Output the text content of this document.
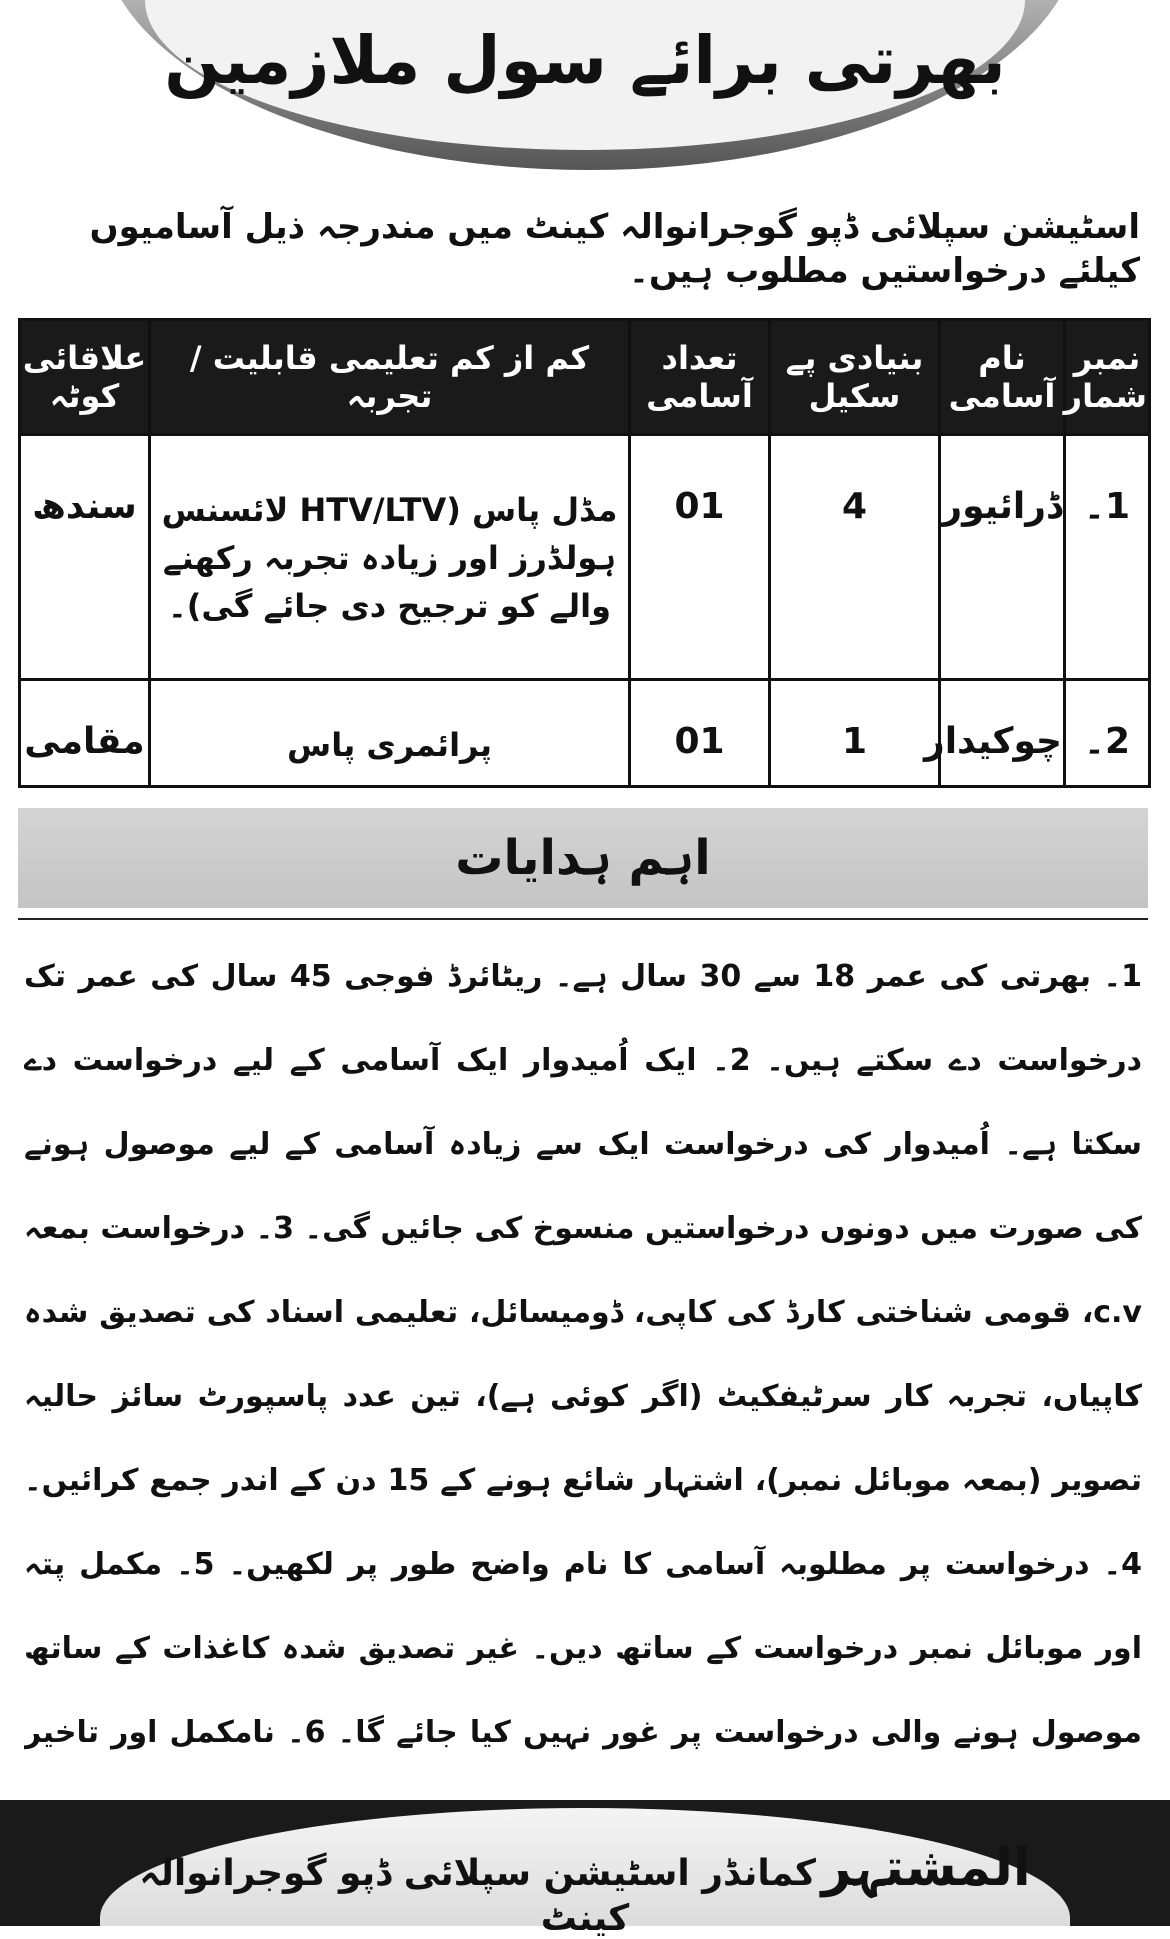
بھرتی برائے سول ملازمین
اسٹیشن سپلائی ڈپو گوجرانوالہ کینٹ میں مندرجہ ذیل آسامیوں کیلئے درخواستیں مطلوب ہیں۔
نمبر شمار	نام آسامی	بنیادی پے سکیل	تعداد آسامی	کم از کم تعلیمی قابلیت / تجربہ	علاقائی کوٹہ
1۔	ڈرائیور	4	01	مڈل پاس (HTV/LTV لائسنس ہولڈرز اور زیادہ تجربہ رکھنے والے کو ترجیح دی جائے گی)۔	سندھ
2۔	چوکیدار	1	01	پرائمری پاس	مقامی
اہم ہدایات
1۔ بھرتی کی عمر 18 سے 30 سال ہے۔ ریٹائرڈ فوجی 45 سال کی عمر تک درخواست دے سکتے ہیں۔ 2۔ ایک اُمیدوار ایک آسامی کے لیے درخواست دے سکتا ہے۔ اُمیدوار کی درخواست ایک سے زیادہ آسامی کے لیے موصول ہونے کی صورت میں دونوں درخواستیں منسوخ کی جائیں گی۔ 3۔ درخواست بمعہ c.v، قومی شناختی کارڈ کی کاپی، ڈومیسائل، تعلیمی اسناد کی تصدیق شدہ کاپیاں، تجربہ کار سرٹیفکیٹ (اگر کوئی ہے)، تین عدد پاسپورٹ سائز حالیہ تصویر (بمعہ موبائل نمبر)، اشتہار شائع ہونے کے 15 دن کے اندر جمع کرائیں۔ 4۔ درخواست پر مطلوبہ آسامی کا نام واضح طور پر لکھیں۔ 5۔ مکمل پتہ اور موبائل نمبر درخواست کے ساتھ دیں۔ غیر تصدیق شدہ کاغذات کے ساتھ موصول ہونے والی درخواست پر غور نہیں کیا جائے گا۔ 6۔ نامکمل اور تاخیر
المشتہر کمانڈر اسٹیشن سپلائی ڈپو گوجرانوالہ کینٹ
